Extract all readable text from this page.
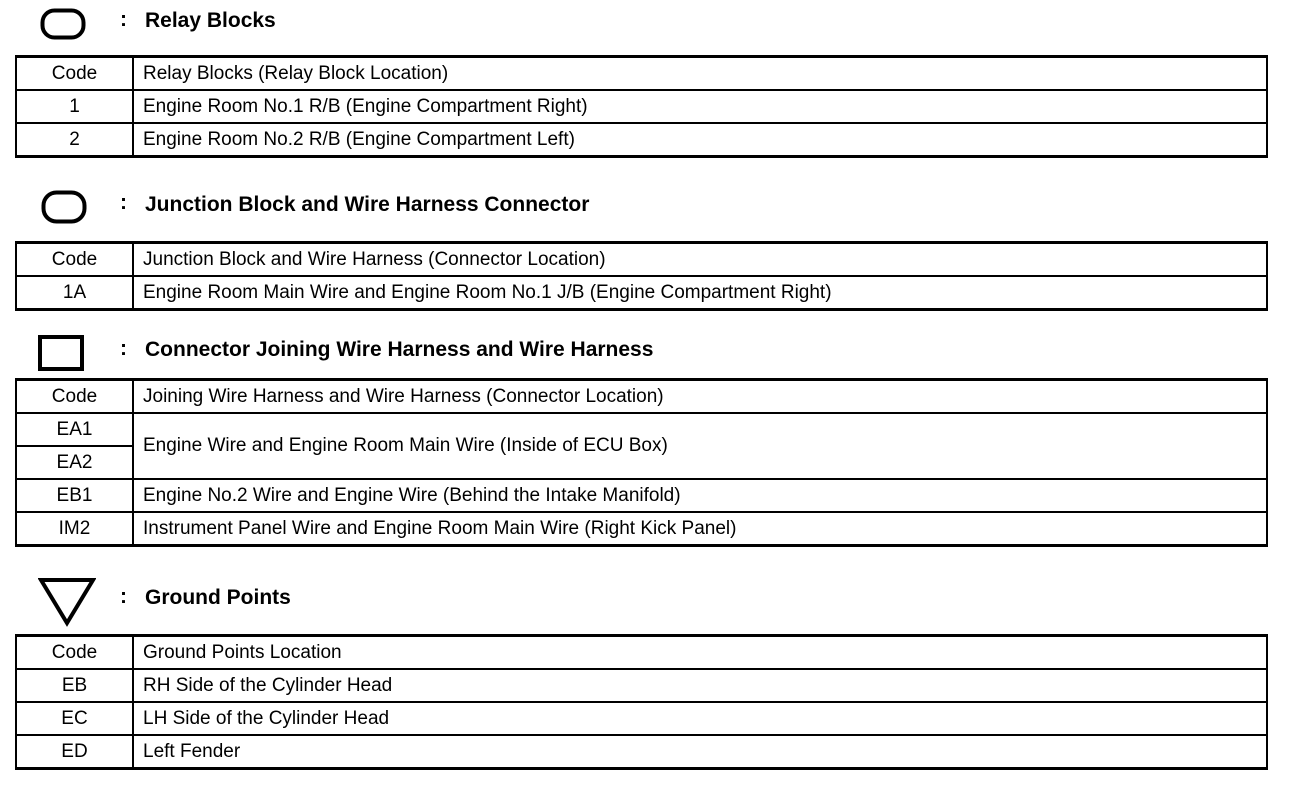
: Relay Blocks
Code	Relay Blocks (Relay Block Location)
1	Engine Room No.1 R/B (Engine Compartment Right)
2	Engine Room No.2 R/B (Engine Compartment Left)
: Junction Block and Wire Harness Connector
Code	Junction Block and Wire Harness (Connector Location)
1A	Engine Room Main Wire and Engine Room No.1 J/B (Engine Compartment Right)
: Connector Joining Wire Harness and Wire Harness
Code	Joining Wire Harness and Wire Harness (Connector Location)
EA1	Engine Wire and Engine Room Main Wire (Inside of ECU Box)
EA2	
EB1	Engine No.2 Wire and Engine Wire (Behind the Intake Manifold)
IM2	Instrument Panel Wire and Engine Room Main Wire (Right Kick Panel)
: Ground Points
Code	Ground Points Location
EB	RH Side of the Cylinder Head
EC	LH Side of the Cylinder Head
ED	Left Fender
